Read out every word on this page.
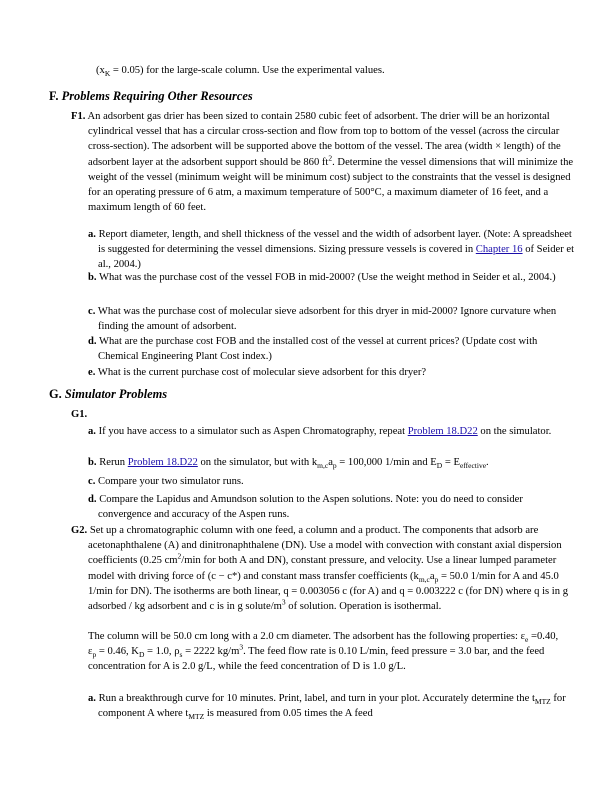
$(x_K = 0.05)$ for the large-scale column. Use the experimental values.

F. Problems Requiring Other Resources

F1. An adsorbent gas drier has been sized to contain 2580 cubic feet of adsorbent. The drier will be an horizontal cylindrical vessel that has a circular cross-section and flow from top to bottom of the vessel (across the circular cross-section). The adsorbent will be supported above the bottom of the vessel. The area (width × length) of the adsorbent layer at the adsorbent support should be 860 $ft^2$. Determine the vessel dimensions that will minimize the weight of the vessel (minimum weight will be minimum cost) subject to the constraints that the vessel is designed for an operating pressure of 6 atm, a maximum temperature of 500°C, a maximum diameter of 16 feet, and a maximum length of 60 feet.

a. Report diameter, length, and shell thickness of the vessel and the width of adsorbent layer. (Note: A spreadsheet is suggested for determining the vessel dimensions. Sizing pressure vessels is covered in Chapter 16 of Seider et al., 2004.)

b. What was the purchase cost of the vessel FOB in mid-2000? (Use the weight method in Seider et al., 2004.)

c. What was the purchase cost of molecular sieve adsorbent for this dryer in mid-2000? Ignore curvature when finding the amount of adsorbent.

d. What are the purchase cost FOB and the installed cost of the vessel at current prices? (Update cost with Chemical Engineering Plant Cost index.)

e. What is the current purchase cost of molecular sieve adsorbent for this dryer?

G. Simulator Problems

G1.

a. If you have access to a simulator such as Aspen Chromatography, repeat Problem 18.D22 on the simulator.

b. Rerun Problem 18.D22 on the simulator, but with $k_{m,c}a_p = 100,000$ 1/min and $E_D = E_{effective}$.

c. Compare your two simulator runs.

d. Compare the Lapidus and Amundson solution to the Aspen solutions. Note: you do need to consider convergence and accuracy of the Aspen runs.

G2. Set up a chromatographic column with one feed, a column and a product. The components that adsorb are acetonaphthalene (A) and dinitronaphthalene (DN). Use a model with convection with constant axial dispersion coefficients (0.25 $cm^2/\min$ for both A and DN), constant pressure, and velocity. Use a linear lumped parameter model with driving force of (c − c*) and constant mass transfer coefficients ($k_{m,c}a_p = 50.0$ 1/min for A and 45.0 1/min for DN). The isotherms are both linear, q = 0.003056 c (for A) and q = 0.003222 c (for DN) where q is in g adsorbed / kg adsorbent and c is in g solute/$m^3$ of solution. Operation is isothermal.

The column will be 50.0 cm long with a 2.0 cm diameter. The adsorbent has the following properties: $\varepsilon_e =0.40$, $\varepsilon_p = 0.46$, $K_D = 1.0$, $\rho_s = 2222$ $kg/m^3$. The feed flow rate is 0.10 L/min, feed pressure = 3.0 bar, and the feed concentration for A is 2.0 g/L, while the feed concentration of D is 1.0 g/L.

a. Run a breakthrough curve for 10 minutes. Print, label, and turn in your plot. Accurately determine the $t_{MTZ}$ for component A where $t_{MTZ}$ is measured from 0.05 times the A feed
